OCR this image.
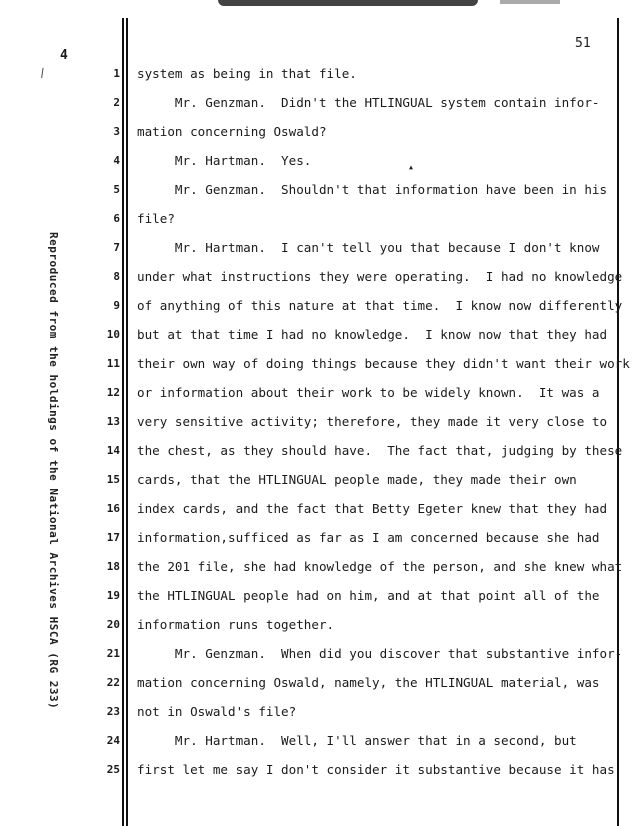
4
∖
Reproduced from the holdings of the National Archives HSCA (RG 233)
51
1
2
3
4
5
6
7
8
9
10
11
12
13
14
15
16
17
18
19
20
21
22
23
24
25
system as being in that file.
Mr. Genzman.  Didn't the HTLINGUAL system contain infor-
mation concerning Oswald?
Mr. Hartman.  Yes.
Mr. Genzman.  Shouldn't that information have been in his
file?
Mr. Hartman.  I can't tell you that because I don't know
under what instructions they were operating.  I had no knowledge
of anything of this nature at that time.  I know now differently
but at that time I had no knowledge.  I know now that they had
their own way of doing things because they didn't want their work
or information about their work to be widely known.  It was a
very sensitive activity; therefore, they made it very close to
the chest, as they should have.  The fact that, judging by these
cards, that the HTLINGUAL people made, they made their own
index cards, and the fact that Betty Egeter knew that they had
information,sufficed as far as I am concerned because she had
the 201 file, she had knowledge of the person, and she knew what
the HTLINGUAL people had on him, and at that point all of the
information runs together.
Mr. Genzman.  When did you discover that substantive infor-
mation concerning Oswald, namely, the HTLINGUAL material, was
not in Oswald's file?
Mr. Hartman.  Well, I'll answer that in a second, but
first let me say I don't consider it substantive because it has
▴
